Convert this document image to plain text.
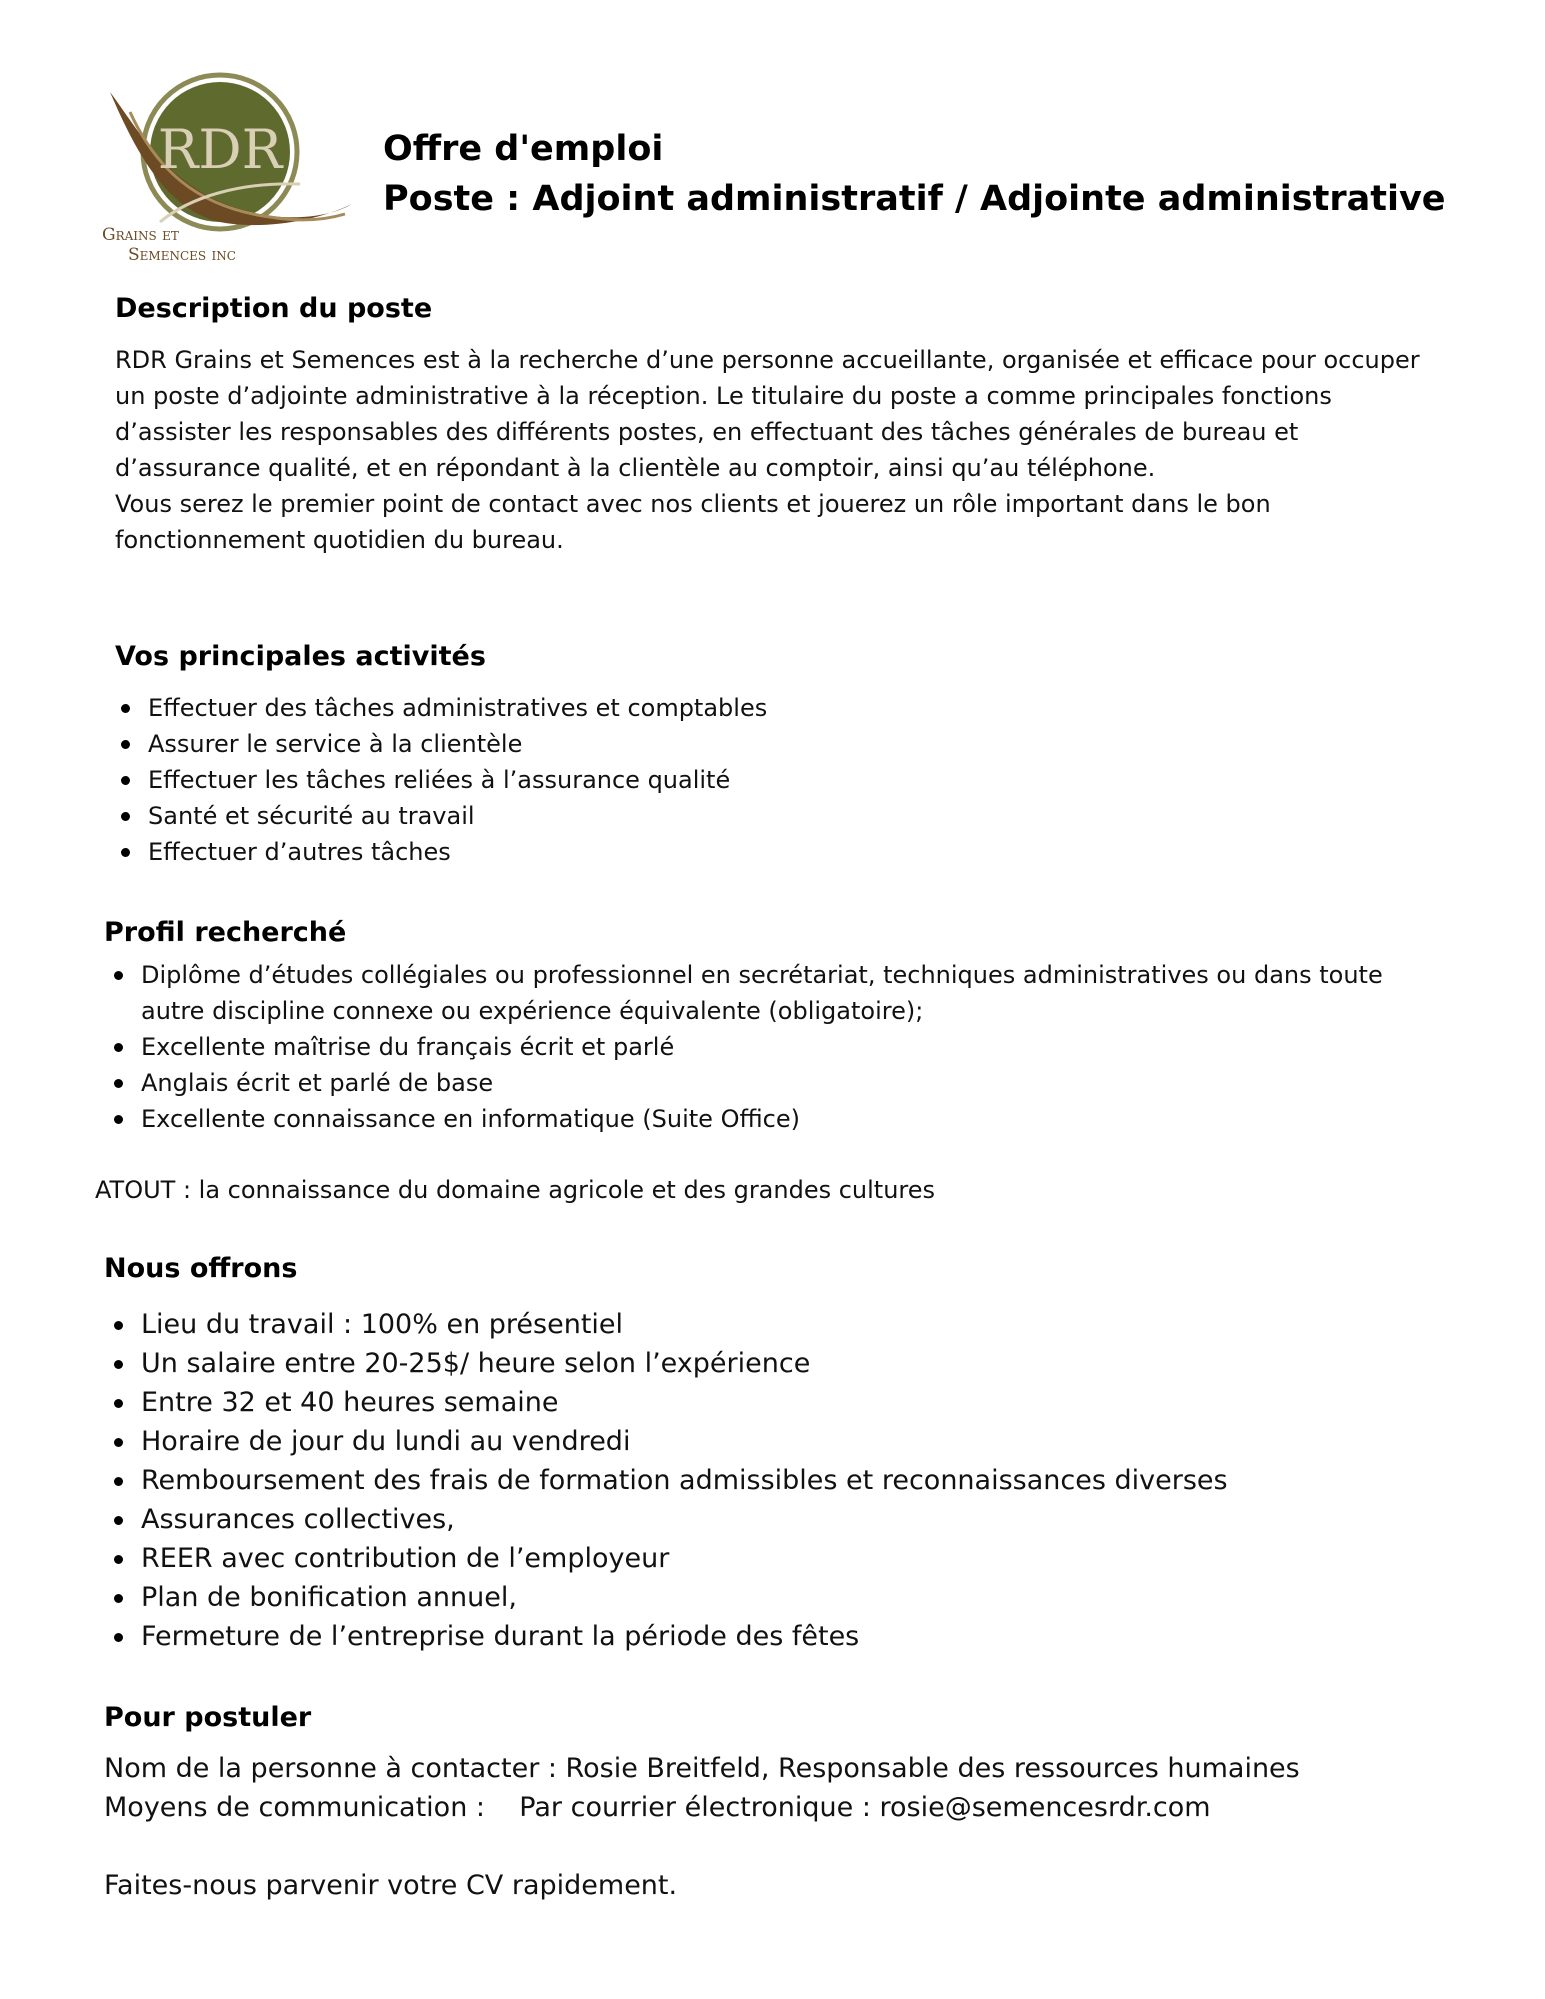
RDR
Grains et
Semences inc
Offre d'emploi
Poste : Adjoint administratif / Adjointe administrative
Description du poste

RDR Grains et Semences est à la recherche d’une personne accueillante, organisée et efficace pour occuper un poste d’adjointe administrative à la réception. Le titulaire du poste a comme principales fonctions d’assister les responsables des différents postes, en effectuant des tâches générales de bureau et d’assurance qualité, et en répondant à la clientèle au comptoir, ainsi qu’au téléphone.

Vous serez le premier point de contact avec nos clients et jouerez un rôle important dans le bon fonctionnement quotidien du bureau.

Vos principales activités
Effectuer des tâches administratives et comptables
Assurer le service à la clientèle
Effectuer les tâches reliées à l’assurance qualité
Santé et sécurité au travail
Effectuer d’autres tâches
Profil recherché
Diplôme d’études collégiales ou professionnel en secrétariat, techniques administratives ou dans toute autre discipline connexe ou expérience équivalente (obligatoire);
Excellente maîtrise du français écrit et parlé
Anglais écrit et parlé de base
Excellente connaissance en informatique (Suite Office)
ATOUT : la connaissance du domaine agricole et des grandes cultures
Nous offrons
Lieu du travail : 100% en présentiel
Un salaire entre 20-25$/ heure selon l’expérience
Entre 32 et 40 heures semaine
Horaire de jour du lundi au vendredi
Remboursement des frais de formation admissibles et reconnaissances diverses
Assurances collectives,
REER avec contribution de l’employeur
Plan de bonification annuel,
Fermeture de l’entreprise durant la période des fêtes
Pour postuler
Nom de la personne à contacter : Rosie Breitfeld, Responsable des ressources humaines
Moyens de communication :    Par courrier électronique : rosie@semencesrdr.com
Faites-nous parvenir votre CV rapidement.
